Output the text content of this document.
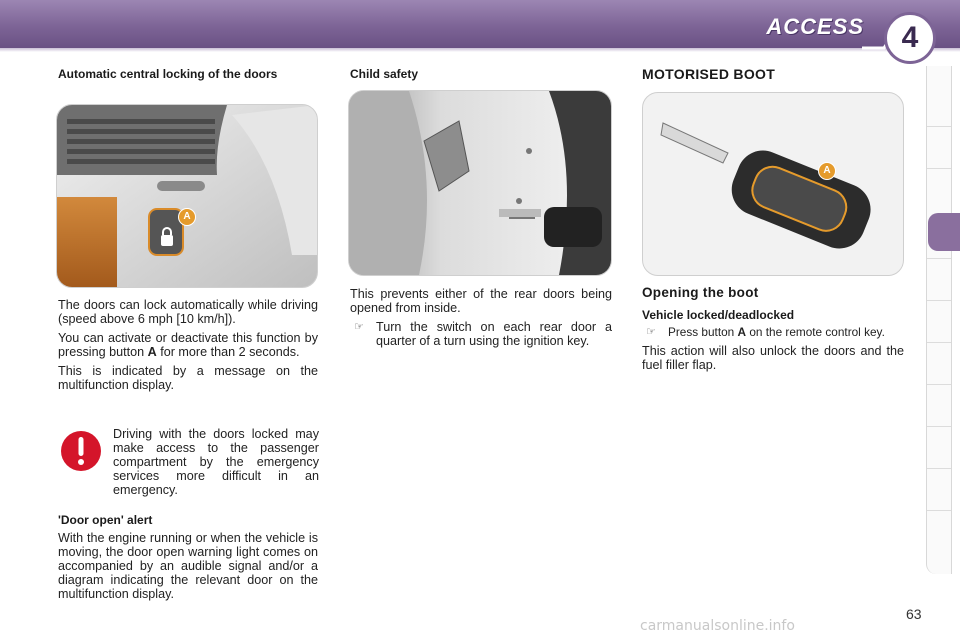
ACCESS	4
Automatic central locking of the doors
A

The doors can lock automatically while driving (speed above 6 mph [10 km/h]).

You can activate or deactivate this function by pressing button A for more than 2 seconds.

This is indicated by a message on the multifunction display.

Driving with the doors locked may make access to the passenger compartment by the emergency services more difficult in an emergency.
'Door open' alert
With the engine running or when the vehicle is moving, the door open warning light comes on accompanied by an audible signal and/or a diagram indicating the relevant door on the multifunction display.
Child safety

This prevents either of the rear doors being opened from inside.

☞ Turn the switch on each rear door a quarter of a turn using the ignition key.
MOTORISED BOOT
A
Opening the boot
Vehicle locked/deadlocked
☞	Press button A on the remote control key.

This action will also unlock the doors and the fuel filler flap.

63
carmanualsonline.info
